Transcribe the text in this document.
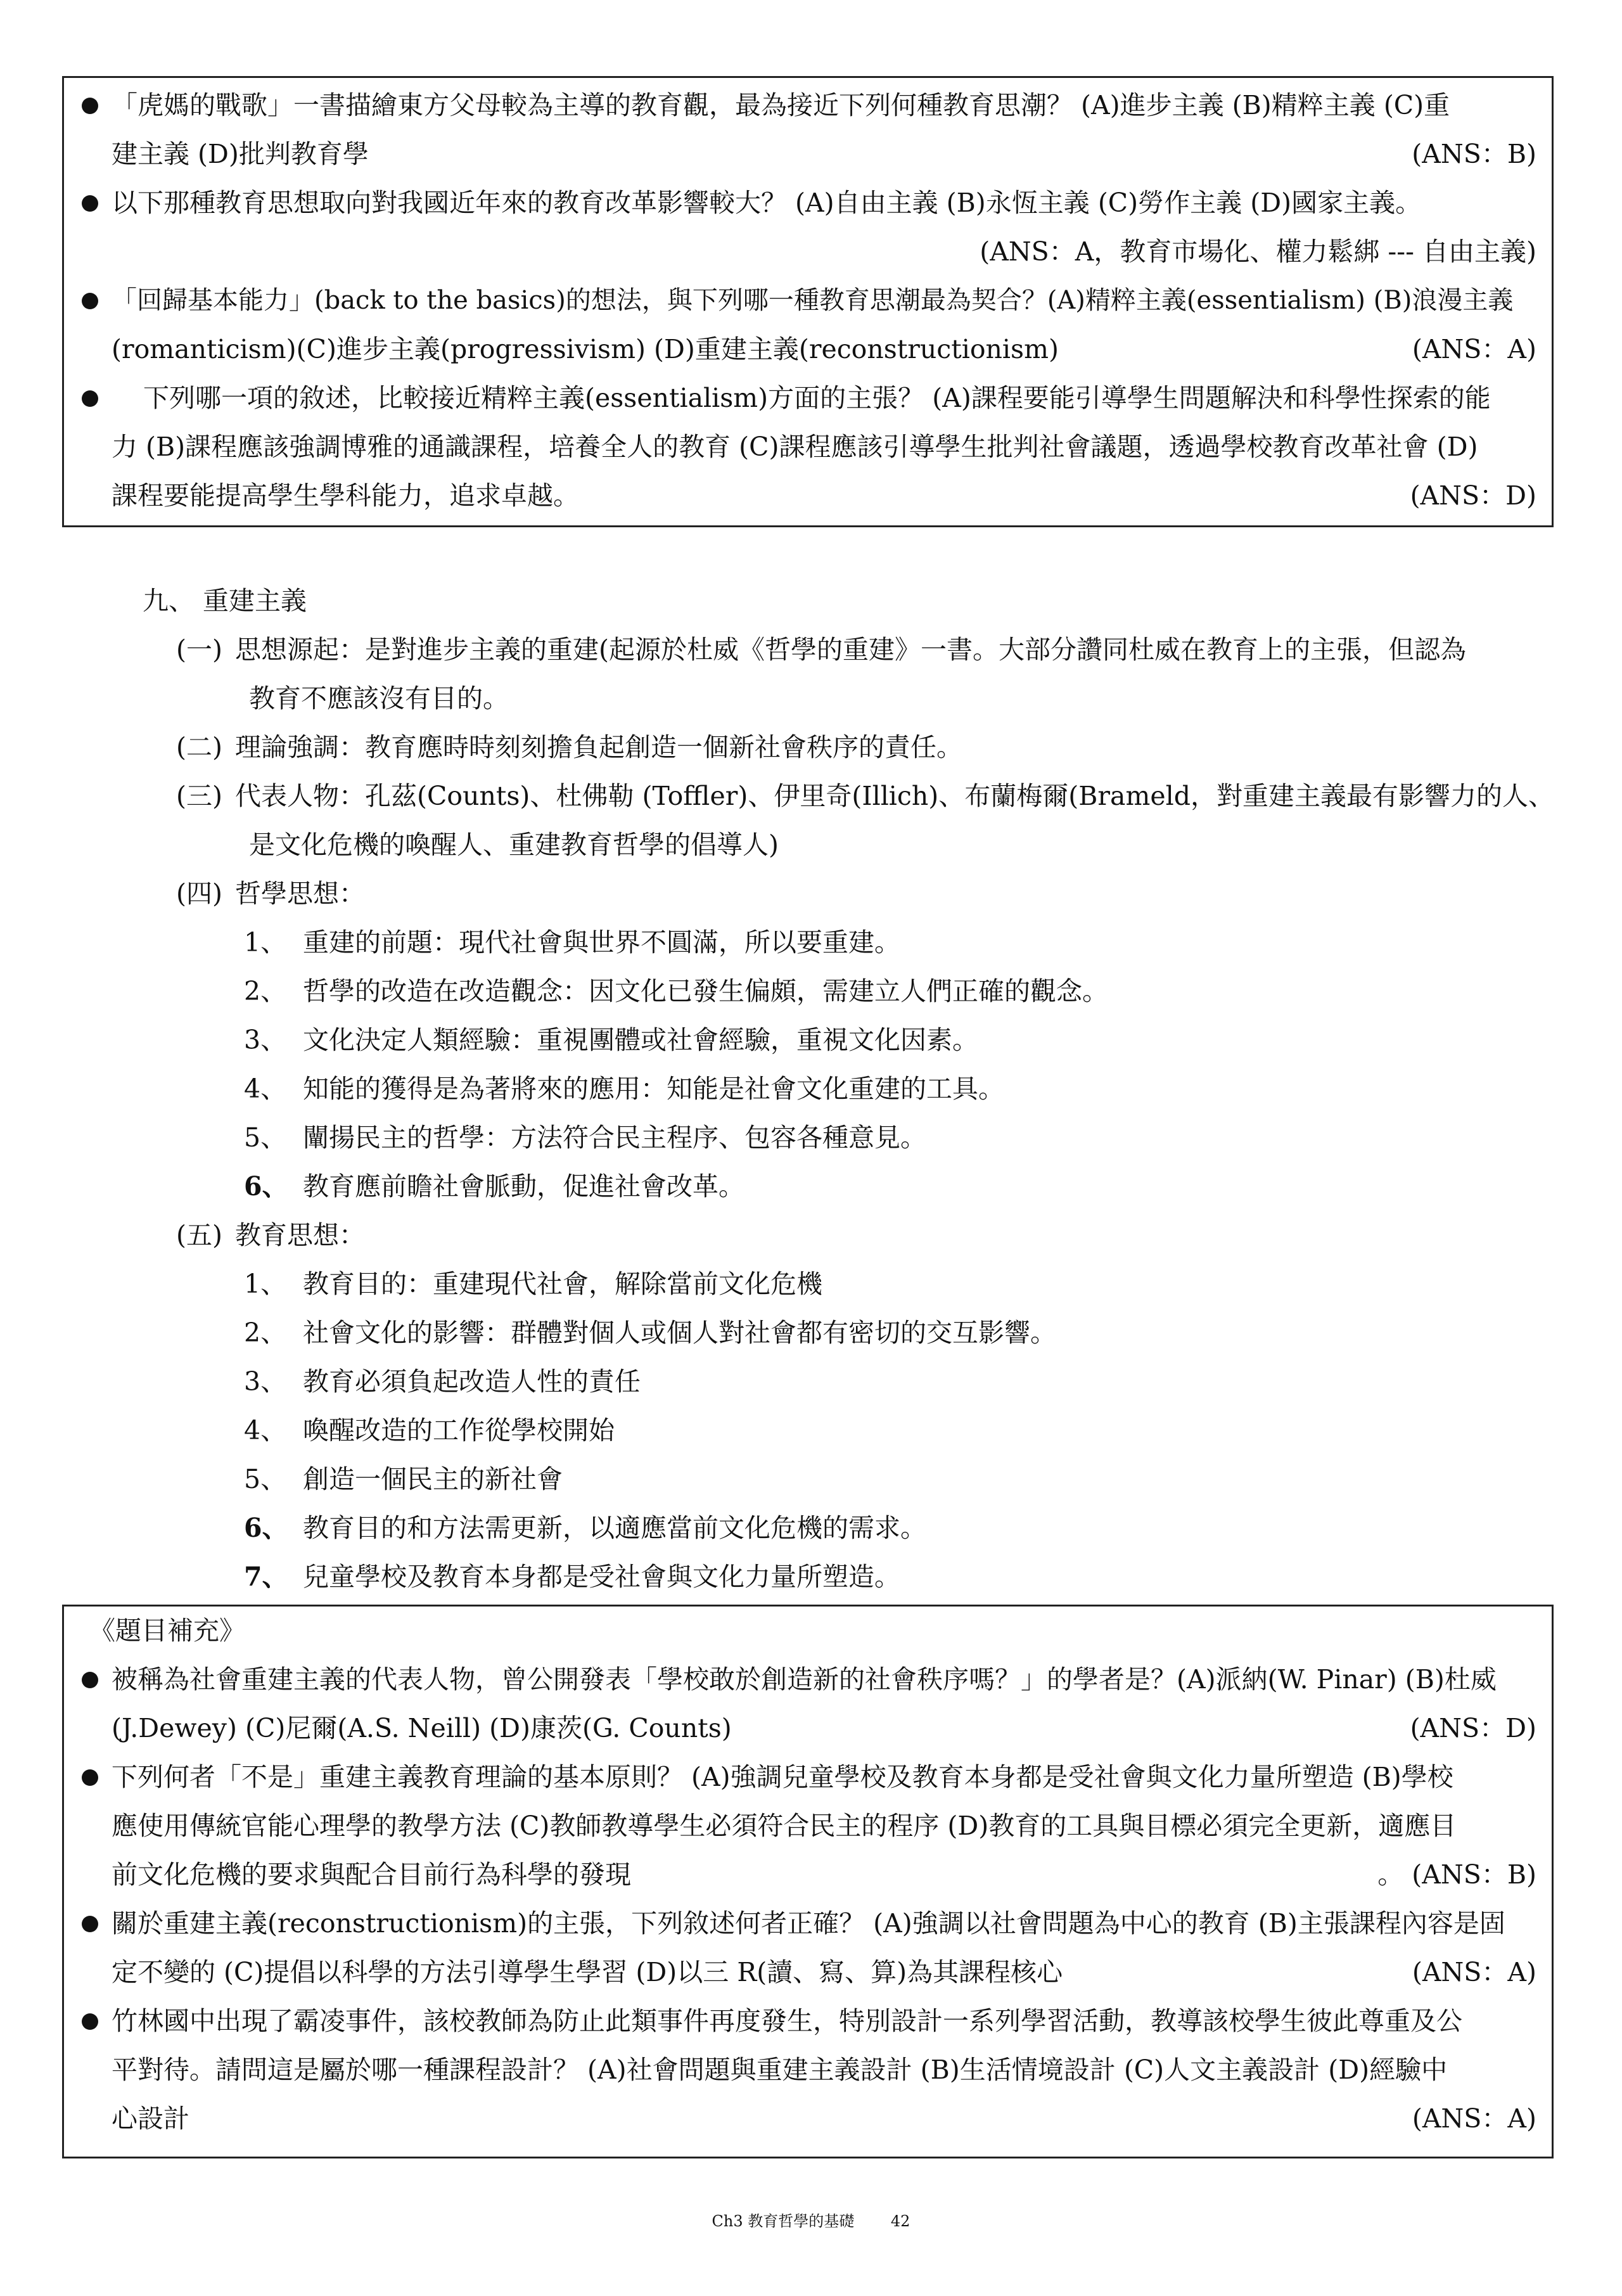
「虎媽的戰歌」一書描繪東方父母較為主導的教育觀，最為接近下列何種教育思潮？ (A)進步主義 (B)精粹主義 (C)重
建主義 (D)批判教育學	(ANS：B)
以下那種教育思想取向對我國近年來的教育改革影響較大？ (A)自由主義 (B)永恆主義 (C)勞作主義 (D)國家主義。
(ANS：A，教育市場化、權力鬆綁 --- 自由主義)
「回歸基本能力」(back to the basics)的想法，與下列哪一種教育思潮最為契合？(A)精粹主義(essentialism) (B)浪漫主義
(romanticism)(C)進步主義(progressivism) (D)重建主義(reconstructionism)	(ANS：A)
下列哪一項的敘述，比較接近精粹主義(essentialism)方面的主張？ (A)課程要能引導學生問題解決和科學性探索的能
力 (B)課程應該強調博雅的通識課程，培養全人的教育 (C)課程應該引導學生批判社會議題，透過學校教育改革社會 (D)
課程要能提高學生學科能力，追求卓越。	(ANS：D)
九、 重建主義
(一) 思想源起：是對進步主義的重建(起源於杜威《哲學的重建》一書。大部分讚同杜威在教育上的主張，但認為
教育不應該沒有目的。
(二) 理論強調：教育應時時刻刻擔負起創造一個新社會秩序的責任。
(三) 代表人物：孔茲(Counts)、杜佛勒 (Toffler)、伊里奇(Illich)、布蘭梅爾(Brameld，對重建主義最有影響力的人、
是文化危機的喚醒人、重建教育哲學的倡導人)
(四) 哲學思想：
1、 重建的前題：現代社會與世界不圓滿，所以要重建。
2、 哲學的改造在改造觀念：因文化已發生偏頗，需建立人們正確的觀念。
3、 文化決定人類經驗：重視團體或社會經驗，重視文化因素。
4、 知能的獲得是為著將來的應用：知能是社會文化重建的工具。
5、 闡揚民主的哲學：方法符合民主程序、包容各種意見。
6、 教育應前瞻社會脈動，促進社會改革。
(五) 教育思想：
1、 教育目的：重建現代社會，解除當前文化危機
2、 社會文化的影響：群體對個人或個人對社會都有密切的交互影響。
3、 教育必須負起改造人性的責任
4、 喚醒改造的工作從學校開始
5、 創造一個民主的新社會
6、 教育目的和方法需更新，以適應當前文化危機的需求。
7、 兒童學校及教育本身都是受社會與文化力量所塑造。
《題目補充》
被稱為社會重建主義的代表人物，曾公開發表「學校敢於創造新的社會秩序嗎？」的學者是？(A)派納(W. Pinar) (B)杜威
(J.Dewey) (C)尼爾(A.S. Neill) (D)康茨(G. Counts)	(ANS：D)
下列何者「不是」重建主義教育理論的基本原則？ (A)強調兒童學校及教育本身都是受社會與文化力量所塑造 (B)學校
應使用傳統官能心理學的教學方法 (C)教師教導學生必須符合民主的程序 (D)教育的工具與目標必須完全更新，適應目
前文化危機的要求與配合目前行為科學的發現	。 (ANS：B)
關於重建主義(reconstructionism)的主張，下列敘述何者正確？ (A)強調以社會問題為中心的教育 (B)主張課程內容是固
定不變的 (C)提倡以科學的方法引導學生學習 (D)以三 R(讀、寫、算)為其課程核心	(ANS：A)
竹林國中出現了霸凌事件，該校教師為防止此類事件再度發生，特別設計一系列學習活動，教導該校學生彼此尊重及公
平對待。請問這是屬於哪一種課程設計？ (A)社會問題與重建主義設計 (B)生活情境設計 (C)人文主義設計 (D)經驗中
心設計	(ANS：A)
Ch3 教育哲學的基礎 42
